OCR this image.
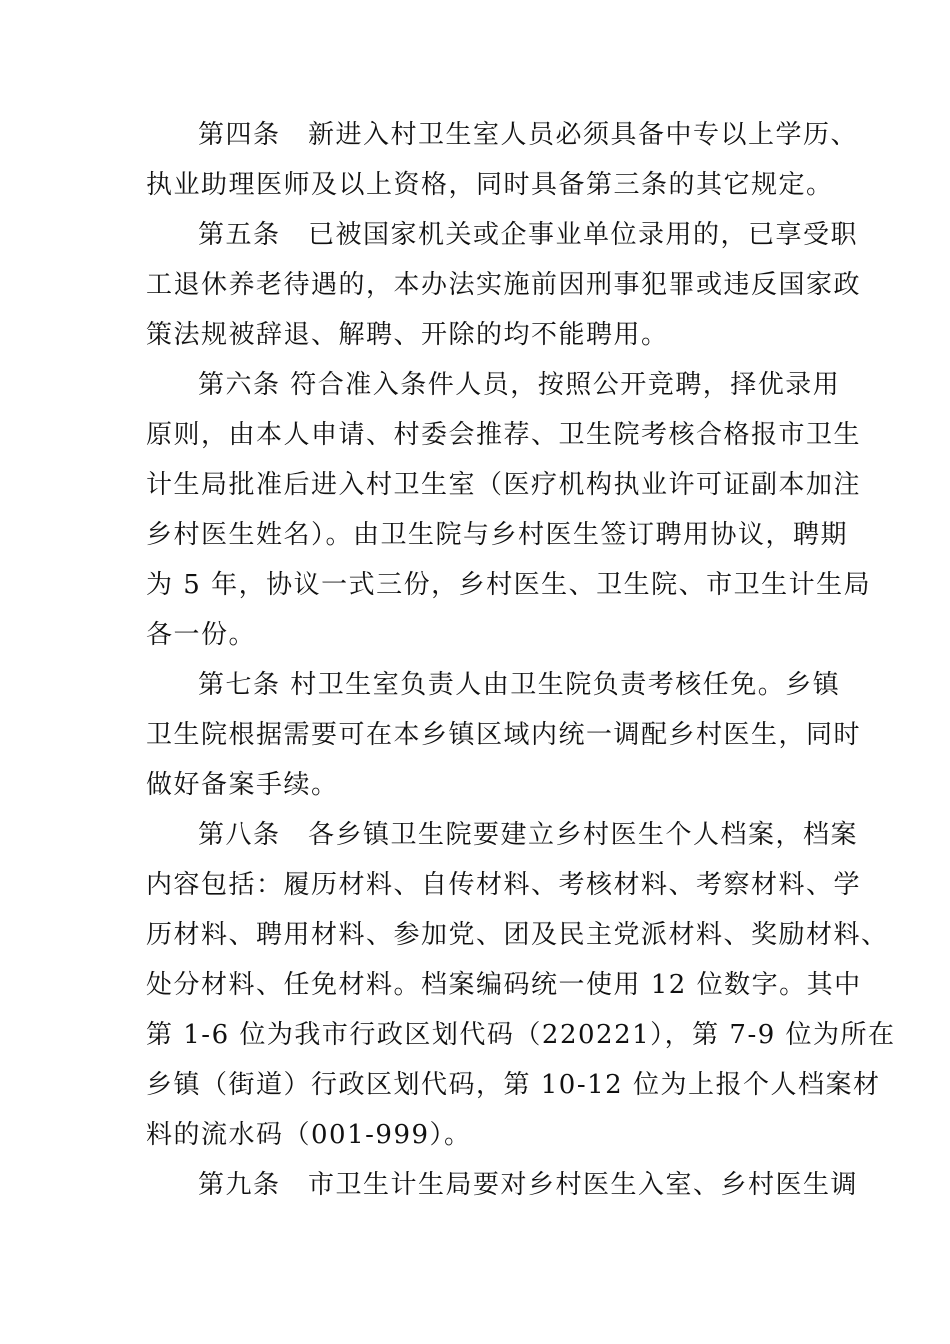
第四条　新进入村卫生室人员必须具备中专以上学历、
执业助理医师及以上资格，同时具备第三条的其它规定。
第五条　已被国家机关或企事业单位录用的，已享受职
工退休养老待遇的，本办法实施前因刑事犯罪或违反国家政
策法规被辞退、解聘、开除的均不能聘用。
第六条 符合准入条件人员，按照公开竞聘，择优录用
原则，由本人申请、村委会推荐、卫生院考核合格报市卫生
计生局批准后进入村卫生室（医疗机构执业许可证副本加注
乡村医生姓名）。由卫生院与乡村医生签订聘用协议，聘期
为 5 年，协议一式三份，乡村医生、卫生院、市卫生计生局
各一份。
第七条 村卫生室负责人由卫生院负责考核任免。乡镇
卫生院根据需要可在本乡镇区域内统一调配乡村医生，同时
做好备案手续。
第八条　各乡镇卫生院要建立乡村医生个人档案，档案
内容包括：履历材料、自传材料、考核材料、考察材料、学
历材料、聘用材料、参加党、团及民主党派材料、奖励材料、
处分材料、任免材料。档案编码统一使用 12 位数字。其中
第 1-6 位为我市行政区划代码（220221），第 7-9 位为所在
乡镇（街道）行政区划代码，第 10-12 位为上报个人档案材
料的流水码（001-999）。
第九条　市卫生计生局要对乡村医生入室、乡村医生调
